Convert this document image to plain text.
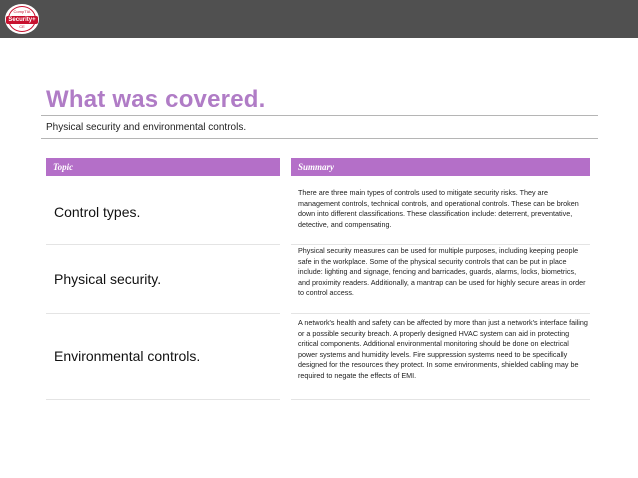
CompTIA
Security+
CE
What was covered.
Physical security and environmental controls.
Topic	Summary
Control types.
There are three main types of controls used to mitigate security risks. They are management controls, technical controls, and operational controls. These can be broken down into different classifications. These classification include: deterrent, preventative, detective, and compensating.
Physical security.
Physical security measures can be used for multiple purposes, including keeping people safe in the workplace. Some of the physical security controls that can be put in place include: lighting and signage, fencing and barricades, guards, alarms, locks, biometrics, and proximity readers. Additionally, a mantrap can be used for highly secure areas in order to control access.
Environmental controls.
A network's health and safety can be affected by more than just a network's interface failing or a possible security breach. A properly designed HVAC system can aid in protecting critical components. Additional environmental monitoring should be done on electrical power systems and humidity levels. Fire suppression systems need to be specifically designed for the resources they protect. In some environments, shielded cabling may be required to negate the effects of EMI.
